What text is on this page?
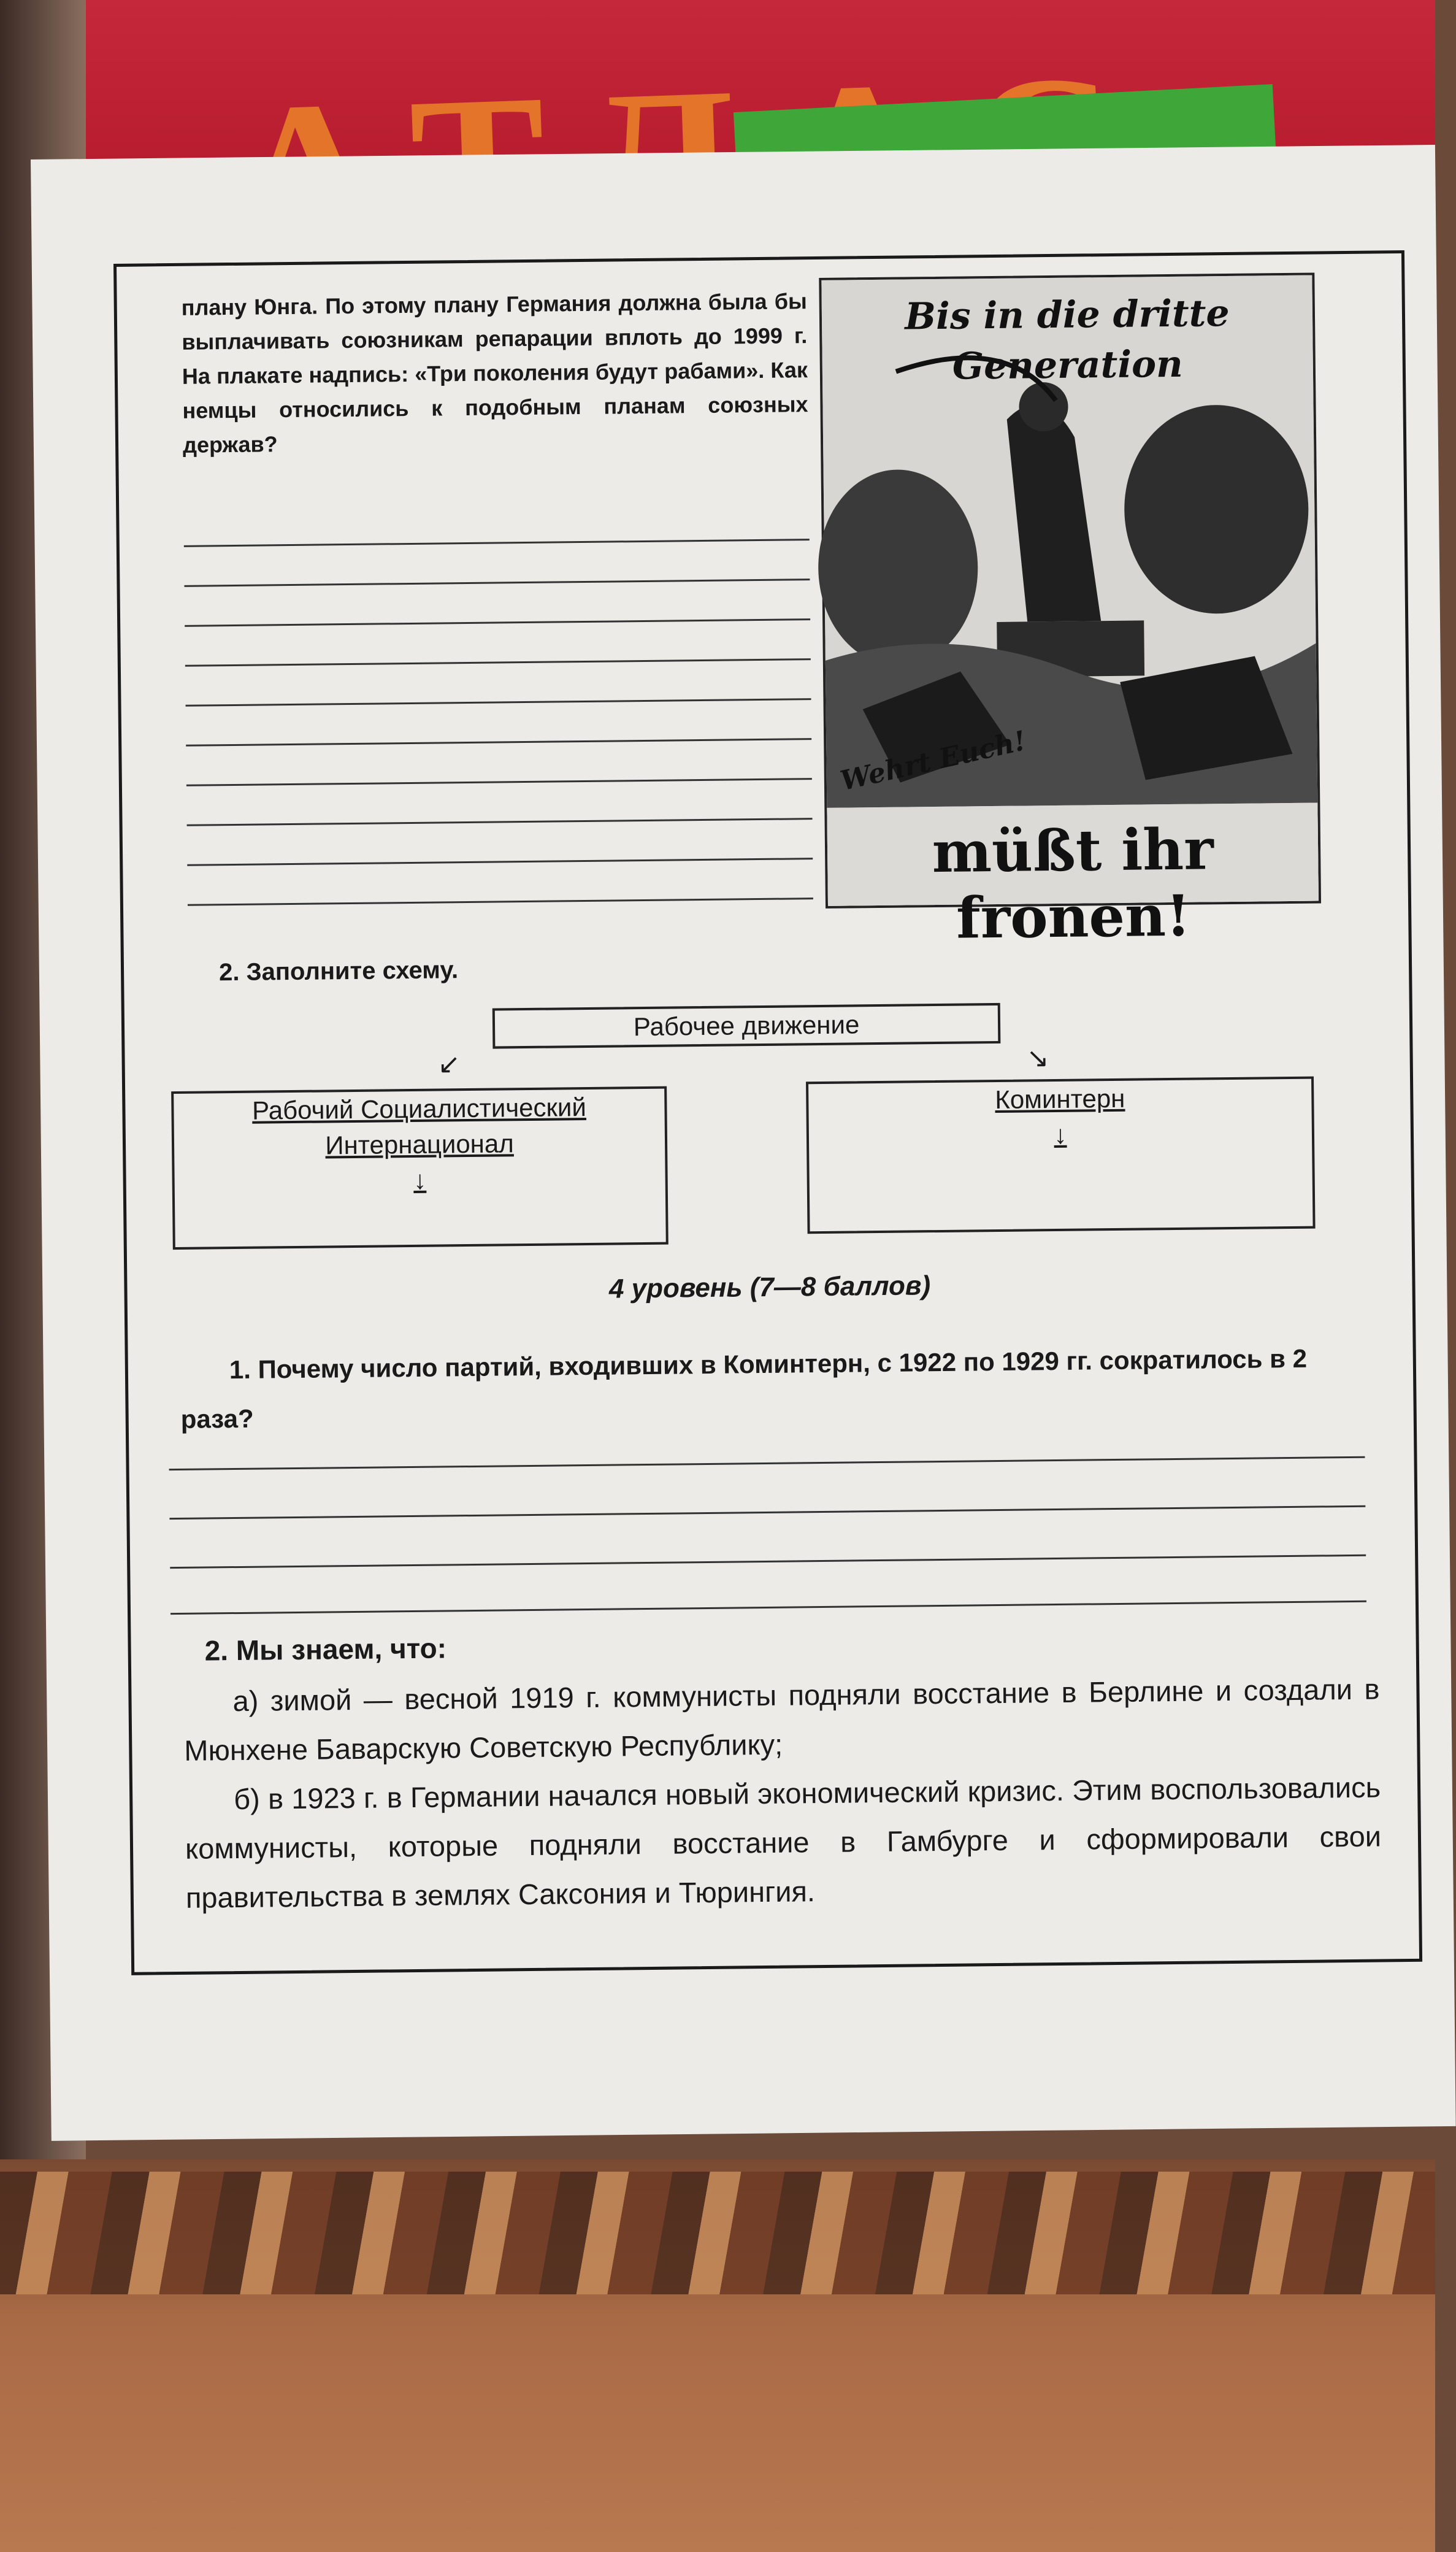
плану Юнга. По этому плану Германия должна была бы выплачивать союзникам репарации вплоть до 1999 г. На плакате надпись: «Три поколения будут рабами». Как немцы относились к подобным планам союзных держав?
Bis in die dritte Generation
Wehrt Euch!
müßt ihr fronen!
2. Заполните схему.
Рабочее движение
↙	↘
Рабочий Социалистический Интернационал
↓
Коминтерн
↓
4 уровень (7—8 баллов)
1. Почему число партий, входивших в Коминтерн, с 1922 по 1929 гг. сократилось в 2 раза?
2. Мы знаем, что:

а) зимой — весной 1919 г. коммунисты подняли восстание в Берлине и создали в Мюнхене Баварскую Советскую Республику;

б) в 1923 г. в Германии начался новый экономический кризис. Этим воспользовались коммунисты, которые подняли восстание в Гамбурге и сформировали свои правительства в землях Саксония и Тюрингия.
